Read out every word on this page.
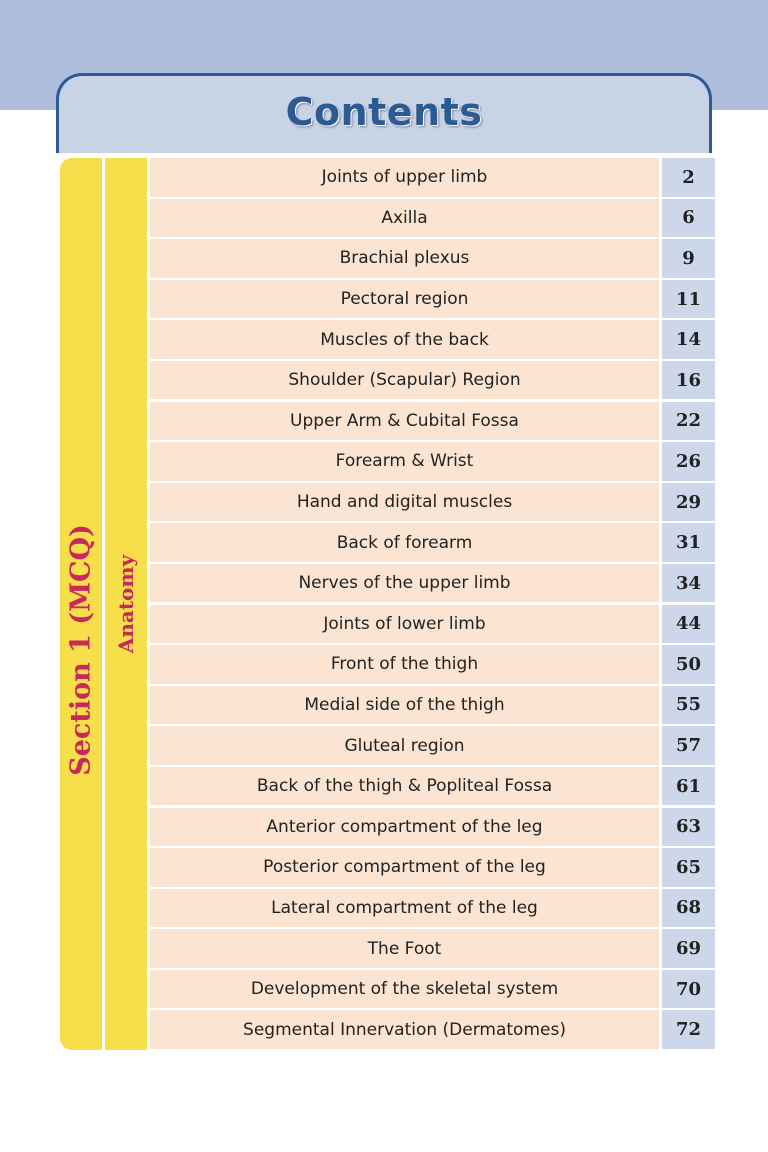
Contents
Section 1 (MCQ) Anatomy
Joints of upper limb	2
Axilla	6
Brachial plexus	9
Pectoral region	11
Muscles of the back	14
Shoulder (Scapular) Region	16
Upper Arm & Cubital Fossa	22
Forearm & Wrist	26
Hand and digital muscles	29
Back of forearm	31
Nerves of the upper limb	34
Joints of lower limb	44
Front of the thigh	50
Medial side of the thigh	55
Gluteal region	57
Back of the thigh & Popliteal Fossa	61
Anterior compartment of the leg	63
Posterior compartment of the leg	65
Lateral compartment of the leg	68
The Foot	69
Development of the skeletal system	70
Segmental Innervation (Dermatomes)	72
